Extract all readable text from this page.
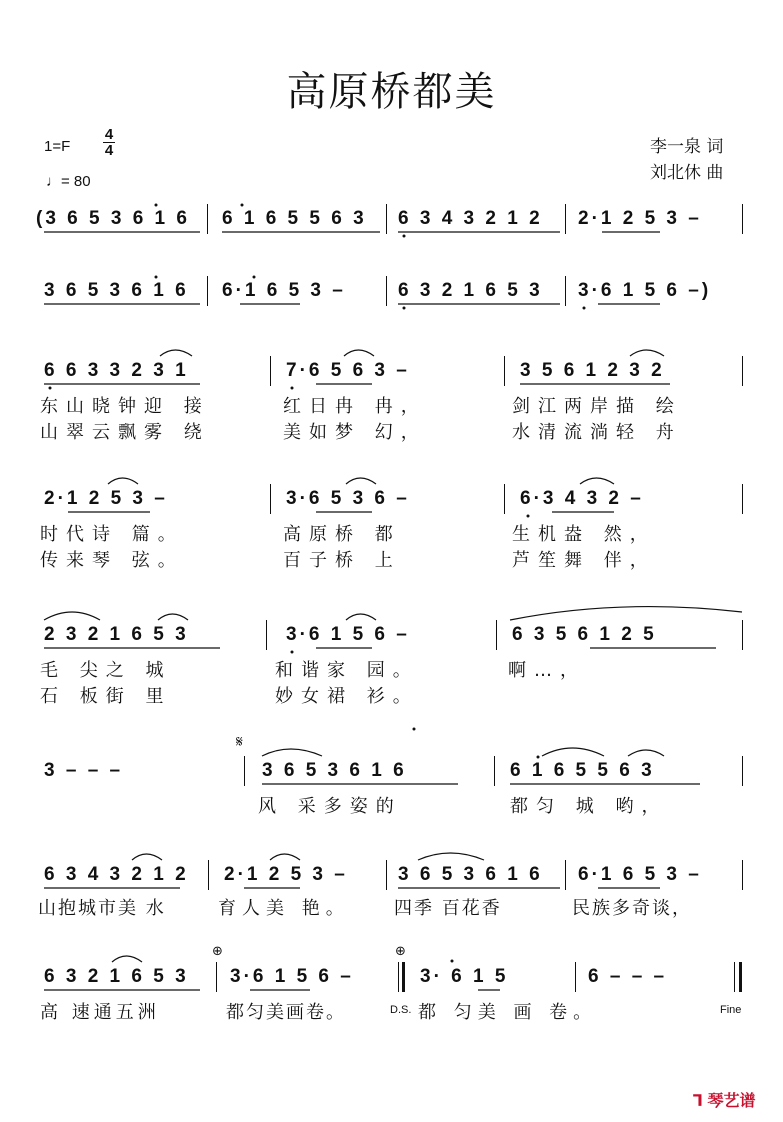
高原桥都美
1=F
4
4
♩= 80
李一泉 词
刘北休 曲
(3 6 5 3 6 1 6 6 1 6 5 5 6 3 6 3 4 3 2 1 2 2·1 2 5 3 –
3 6 5 3 6 1 6 6·1 6 5 3 –	6 3 2 1 6 5 3 3·6 1 5 6 –)
6 6 3 3 2 3 1	7·6 5 6 3 –	3 5 6 1 2 3 2
东山晓钟迎 接	红日冉 冉，	剑江两岸描 绘
山翠云飘雾 绕	美如梦 幻，	水清流淌轻 舟
2·1 2 5 3 –	3·6 5 3 6 –	6·3 4 3 2 –
时代诗 篇。	高原桥 都	生机盎 然，
传来琴 弦。	百子桥 上	芦笙舞 伴，
2 3 2 1 6 5 3	3·6 1 5 6 –	6 3 5 6 1 2 5
毛 尖之 城	和谐家 园。	啊…，
石 板街 里	妙女裙 衫。
3 – – –	3 6 5 3 6 1 6	6 1 6 5 5 6 3
风 采多姿的	都匀 城 哟，
𝄋
6 3 4 3 2 1 2 2·1 2 5 3 –	3 6 5 3 6 1 6 6·1 6 5 3 –
山抱城市美 水	育人美 艳。 四季 百花香	民族多奇谈，
6 3 2 1 6 5 3 3·6 1 5 6 –	3· 6 1 5	6 – – –
高 速通五洲	都匀美画卷。	都 匀美 画 卷。
D.S.	Fine
⊕	⊕
⅂ 琴艺谱
